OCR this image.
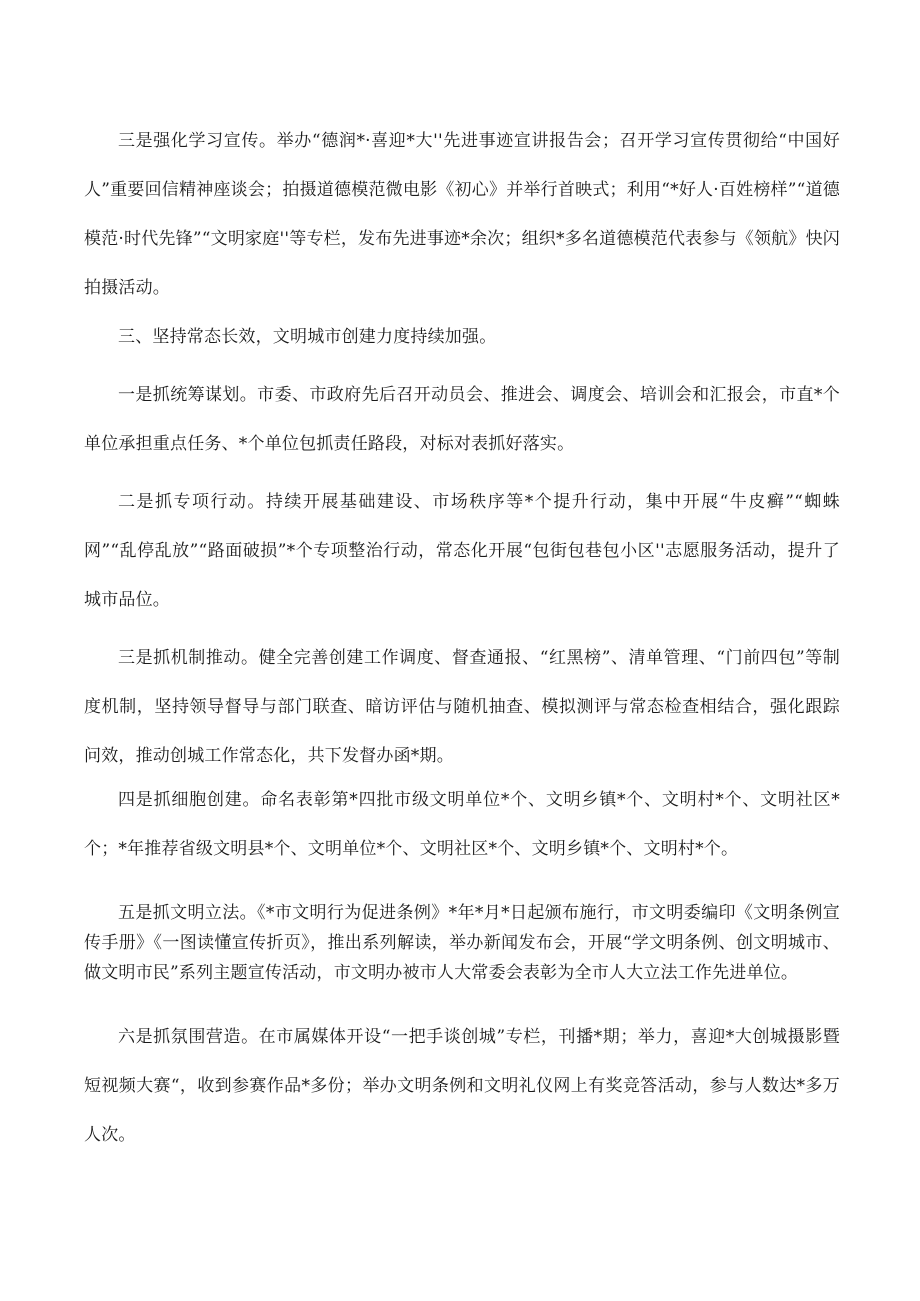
三是强化学习宣传。举办“德润*·喜迎*大''先进事迹宣讲报告会；召开学习宣传贯彻给“中国好人”重要回信精神座谈会；拍摄道德模范微电影《初心》并举行首映式；利用“*好人·百姓榜样”“道德模范·时代先锋”“文明家庭''等专栏，发布先进事迹*余次；组织*多名道德模范代表参与《领航》快闪拍摄活动。

三、坚持常态长效，文明城市创建力度持续加强。

一是抓统筹谋划。市委、市政府先后召开动员会、推进会、调度会、培训会和汇报会，市直*个单位承担重点任务、*个单位包抓责任路段，对标对表抓好落实。

二是抓专项行动。持续开展基础建设、市场秩序等*个提升行动，集中开展“牛皮癣”“蜘蛛网”“乱停乱放”“路面破损”*个专项整治行动，常态化开展“包街包巷包小区''志愿服务活动，提升了城市品位。

三是抓机制推动。健全完善创建工作调度、督查通报、“红黑榜”、清单管理、“门前四包”等制度机制，坚持领导督导与部门联查、暗访评估与随机抽查、模拟测评与常态检查相结合，强化跟踪问效，推动创城工作常态化，共下发督办函*期。

四是抓细胞创建。命名表彰第*四批市级文明单位*个、文明乡镇*个、文明村*个、文明社区*个；*年推荐省级文明县*个、文明单位*个、文明社区*个、文明乡镇*个、文明村*个。

五是抓文明立法。《*市文明行为促进条例》*年*月*日起颁布施行，市文明委编印《文明条例宣传手册》《一图读懂宣传折页》，推出系列解读，举办新闻发布会，开展“学文明条例、创文明城市、做文明市民”系列主题宣传活动，市文明办被市人大常委会表彰为全市人大立法工作先进单位。

六是抓氛围营造。在市属媒体开设“一把手谈创城”专栏，刊播*期；举力，喜迎*大创城摄影暨短视频大赛“，收到参赛作品*多份；举办文明条例和文明礼仪网上有奖竞答活动，参与人数达*多万人次。
